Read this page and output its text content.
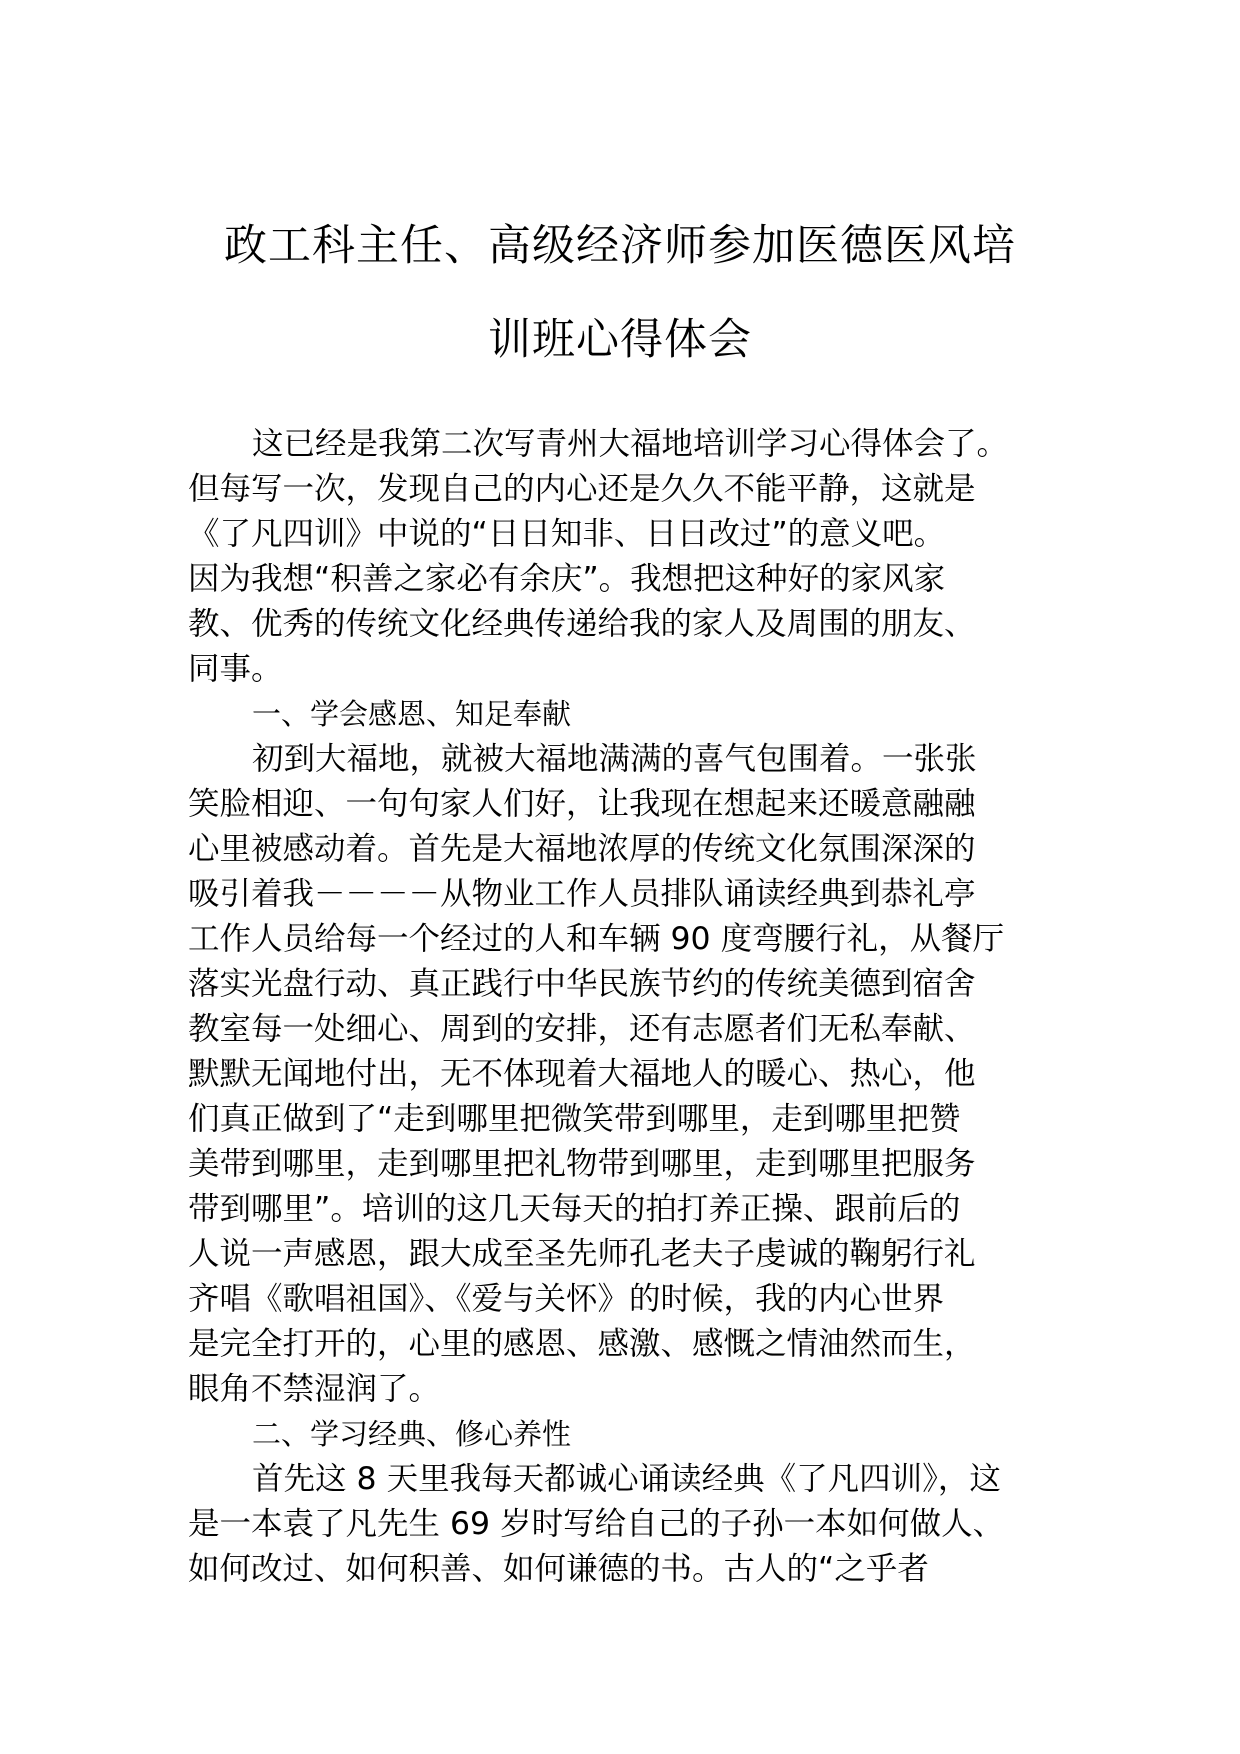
政工科主任、高级经济师参加医德医风培
训班心得体会
这已经是我第二次写青州大福地培训学习心得体会了。
但每写一次，发现自己的内心还是久久不能平静，这就是
《了凡四训》中说的“日日知非、日日改过”的意义吧。
因为我想“积善之家必有余庆”。我想把这种好的家风家
教、优秀的传统文化经典传递给我的家人及周围的朋友、
同事。
一、学会感恩、知足奉献
初到大福地，就被大福地满满的喜气包围着。一张张
笑脸相迎、一句句家人们好，让我现在想起来还暖意融融
心里被感动着。首先是大福地浓厚的传统文化氛围深深的
吸引着我－－－－从物业工作人员排队诵读经典到恭礼亭
工作人员给每一个经过的人和车辆 90 度弯腰行礼，从餐厅
落实光盘行动、真正践行中华民族节约的传统美德到宿舍
教室每一处细心、周到的安排，还有志愿者们无私奉献、
默默无闻地付出，无不体现着大福地人的暖心、热心，他
们真正做到了“走到哪里把微笑带到哪里，走到哪里把赞
美带到哪里，走到哪里把礼物带到哪里，走到哪里把服务
带到哪里”。培训的这几天每天的拍打养正操、跟前后的
人说一声感恩，跟大成至圣先师孔老夫子虔诚的鞠躬行礼
齐唱《歌唱祖国》、《爱与关怀》的时候，我的内心世界
是完全打开的，心里的感恩、感激、感慨之情油然而生，
眼角不禁湿润了。
二、学习经典、修心养性
首先这 8 天里我每天都诚心诵读经典《了凡四训》，这
是一本袁了凡先生 69 岁时写给自己的子孙一本如何做人、
如何改过、如何积善、如何谦德的书。古人的“之乎者
